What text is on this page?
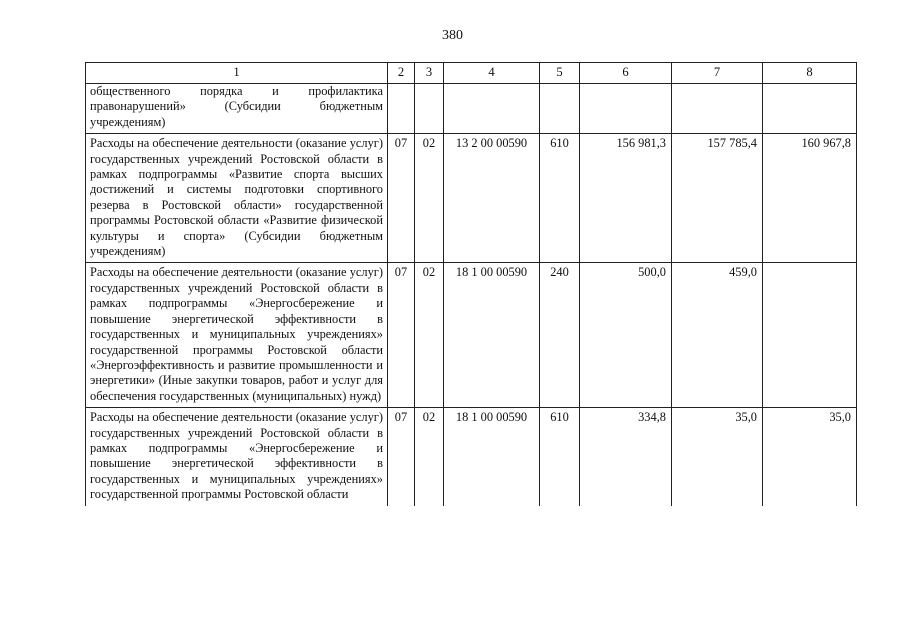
380
1	2	3	4	5	6	7	8
общественного порядка и профилактика правонарушений» (Субсидии бюджетным учреждениям)							
Расходы на обеспечение деятельности (оказание услуг) государственных учреждений Ростовской области в рамках подпрограммы «Развитие спорта высших достижений и системы подготовки спортивного резерва в Ростовской области» государственной программы Ростовской области «Развитие физической культуры и спорта» (Субсидии бюджетным учреждениям)	07	02	13 2 00 00590	610	156 981,3	157 785,4	160 967,8
Расходы на обеспечение деятельности (оказание услуг) государственных учреждений Ростовской области в рамках подпрограммы «Энергосбережение и повышение энергетической эффективности в государственных и муниципальных учреждениях» государственной программы Ростовской области «Энергоэффективность и развитие промышленности и энергетики» (Иные закупки товаров, работ и услуг для обеспечения государственных (муниципальных) нужд)	07	02	18 1 00 00590	240	500,0	459,0	
Расходы на обеспечение деятельности (оказание услуг) государственных учреждений Ростовской области в рамках подпрограммы «Энергосбережение и повышение энергетической эффективности в государственных и муниципальных учреждениях» государственной программы Ростовской области	07	02	18 1 00 00590	610	334,8	35,0	35,0
